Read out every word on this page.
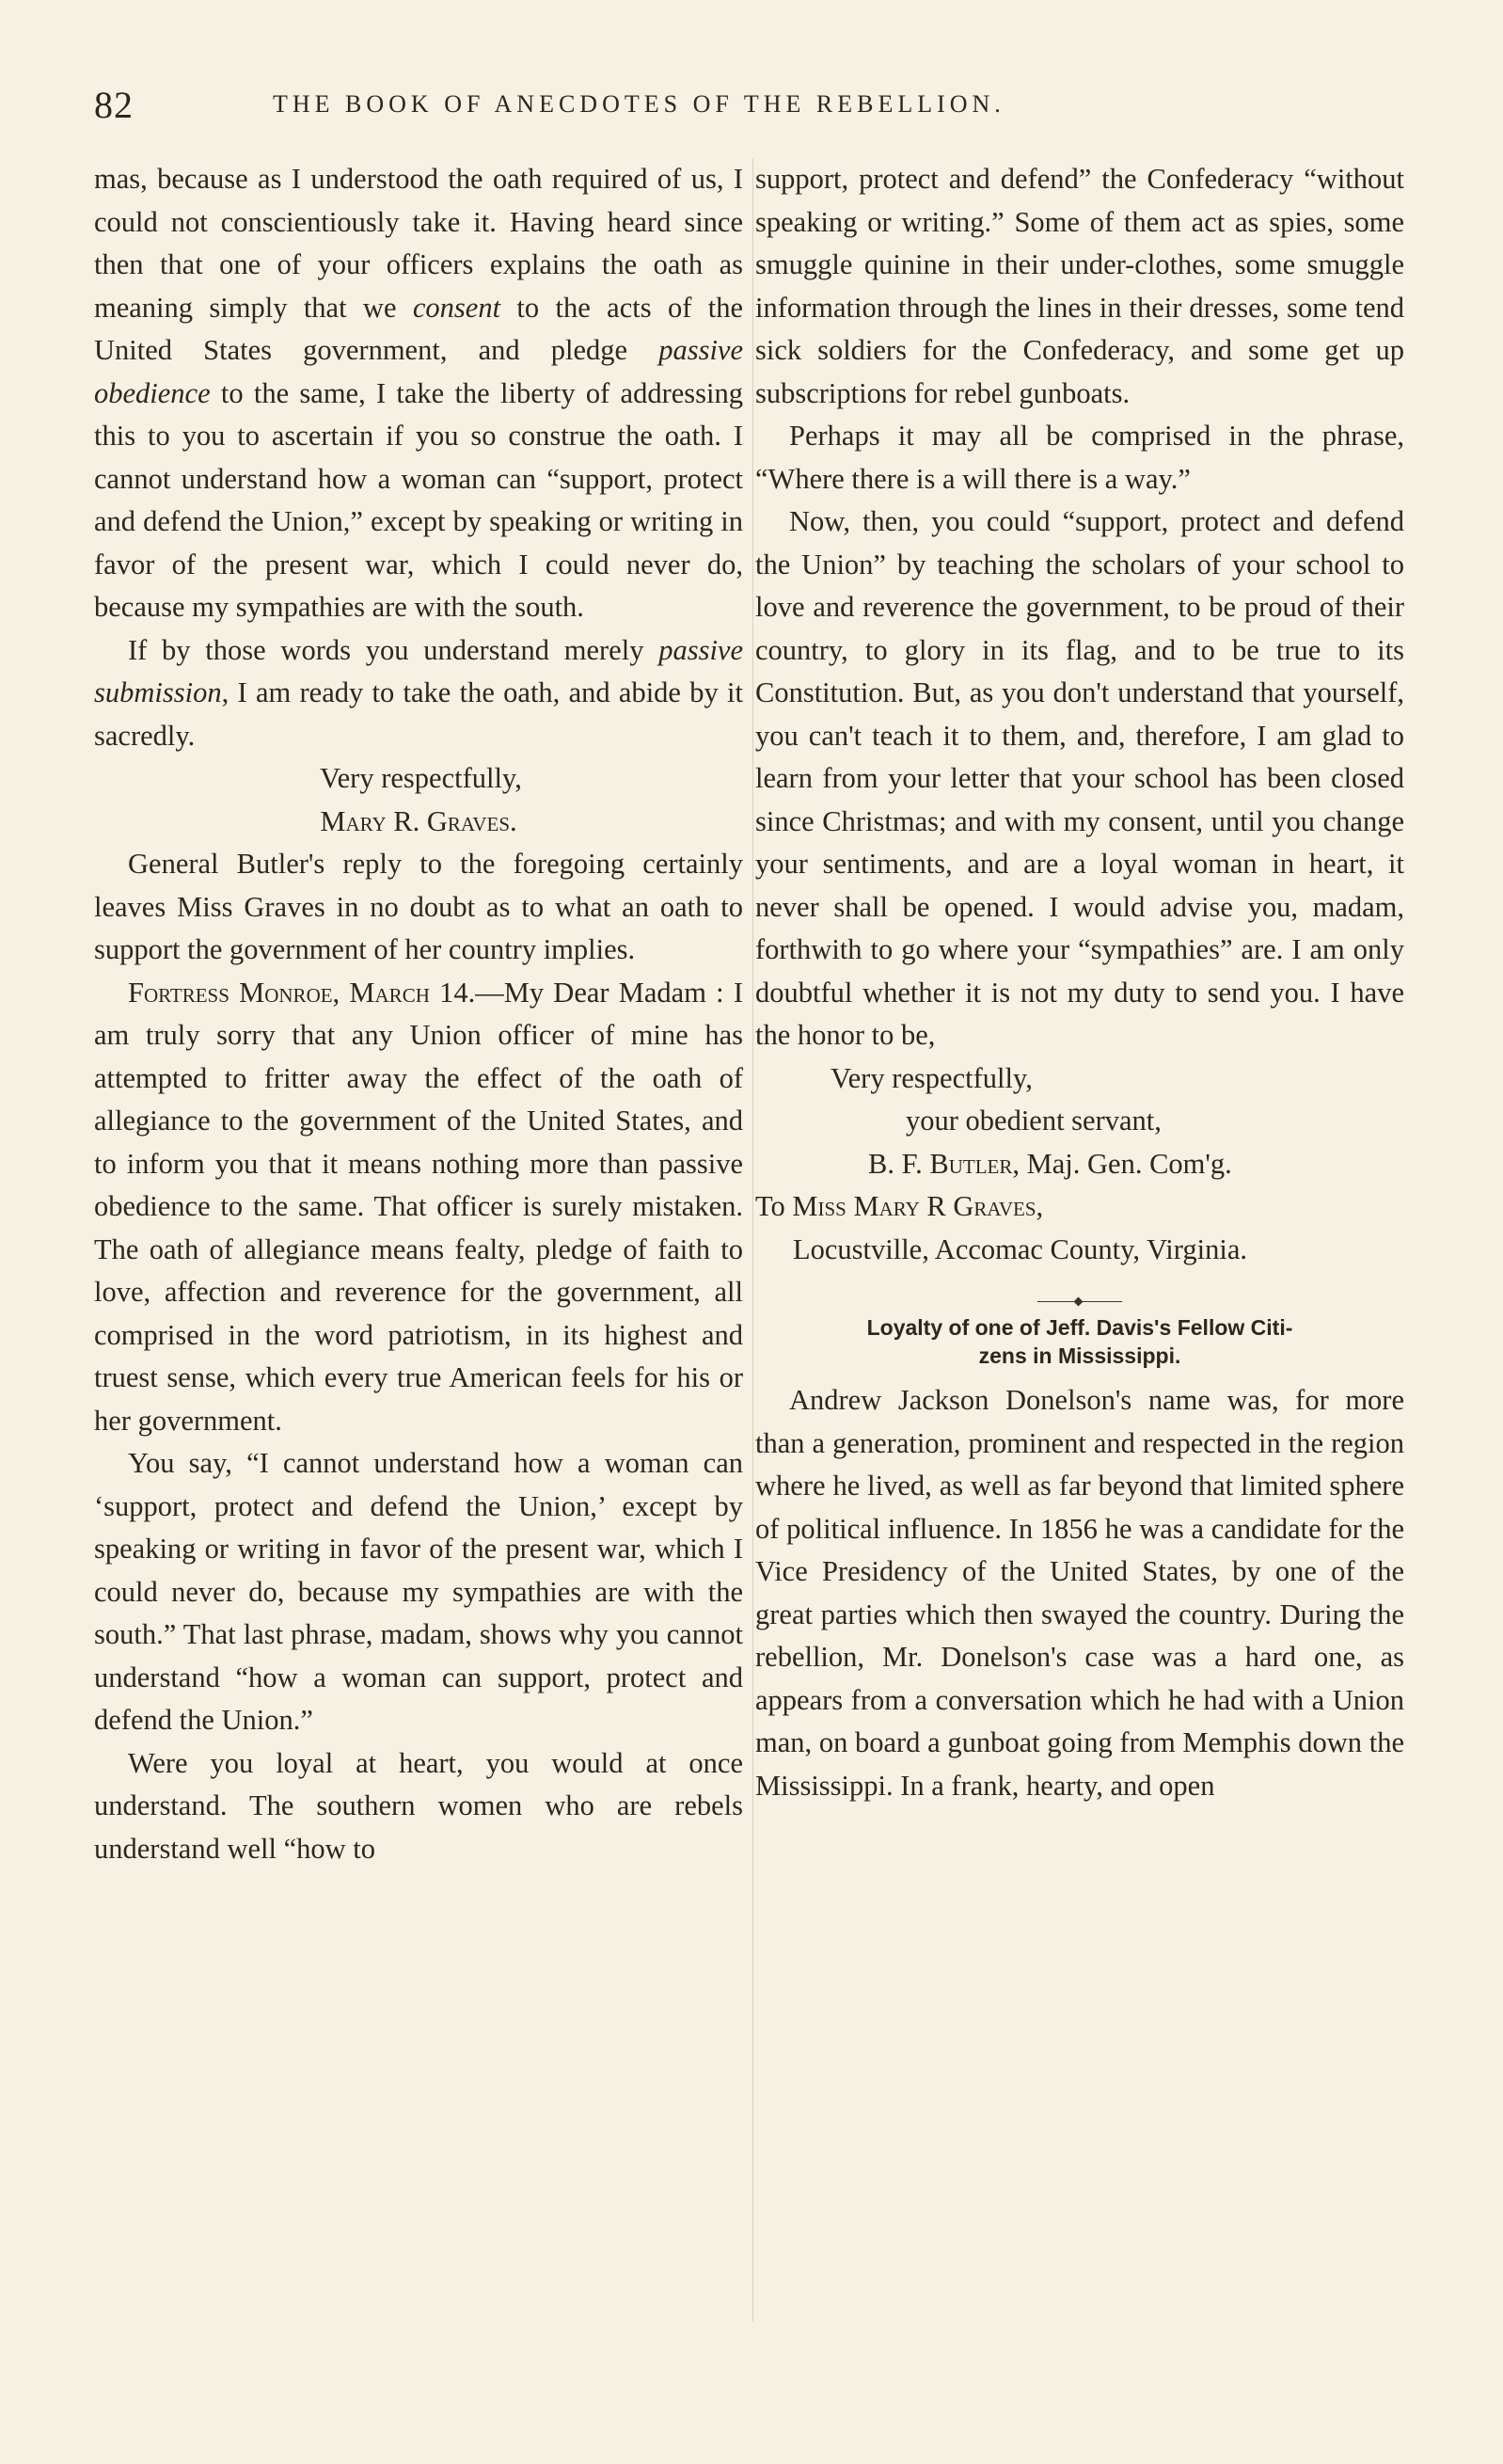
82	THE BOOK OF ANECDOTES OF THE REBELLION.

mas, because as I understood the oath required of us, I could not conscientiously take it. Having heard since then that one of your officers explains the oath as meaning simply that we consent to the acts of the United States government, and pledge passive obedience to the same, I take the liberty of addressing this to you to ascertain if you so construe the oath. I cannot understand how a woman can “support, protect and defend the Union,” except by speaking or writing in favor of the present war, which I could never do, because my sympathies are with the south.

If by those words you understand merely passive submission, I am ready to take the oath, and abide by it sacredly.

Very respectfully,

Mary R. Graves.

General Butler's reply to the foregoing certainly leaves Miss Graves in no doubt as to what an oath to support the government of her country implies.

Fortress Monroe, March 14.—My Dear Madam : I am truly sorry that any Union officer of mine has attempted to fritter away the effect of the oath of allegiance to the government of the United States, and to inform you that it means nothing more than passive obedience to the same. That officer is surely mistaken. The oath of allegiance means fealty, pledge of faith to love, affection and reverence for the government, all comprised in the word patriotism, in its highest and truest sense, which every true American feels for his or her government.

You say, “I cannot understand how a woman can ‘support, protect and defend the Union,’ except by speaking or writing in favor of the present war, which I could never do, because my sympathies are with the south.” That last phrase, madam, shows why you cannot understand “how a woman can support, protect and defend the Union.”

Were you loyal at heart, you would at once understand. The southern women who are rebels understand well “how to

support, protect and defend” the Confederacy “without speaking or writing.” Some of them act as spies, some smuggle quinine in their under-clothes, some smuggle information through the lines in their dresses, some tend sick soldiers for the Confederacy, and some get up subscriptions for rebel gunboats.

Perhaps it may all be comprised in the phrase, “Where there is a will there is a way.”

Now, then, you could “support, protect and defend the Union” by teaching the scholars of your school to love and reverence the government, to be proud of their country, to glory in its flag, and to be true to its Constitution. But, as you don't understand that yourself, you can't teach it to them, and, therefore, I am glad to learn from your letter that your school has been closed since Christmas; and with my consent, until you change your sentiments, and are a loyal woman in heart, it never shall be opened. I would advise you, madam, forthwith to go where your “sympathies” are. I am only doubtful whether it is not my duty to send you. I have the honor to be,

Very respectfully,

your obedient servant,

B. F. Butler, Maj. Gen. Com'g.

To Miss Mary R Graves,

Locustville, Accomac County, Virginia.

Loyalty of one of Jeff. Davis's Fellow Citi-
zens in Mississippi.

Andrew Jackson Donelson's name was, for more than a generation, prominent and respected in the region where he lived, as well as far beyond that limited sphere of political influence. In 1856 he was a candidate for the Vice Presidency of the United States, by one of the great parties which then swayed the country. During the rebellion, Mr. Donelson's case was a hard one, as appears from a conversation which he had with a Union man, on board a gunboat going from Memphis down the Mississippi. In a frank, hearty, and open
